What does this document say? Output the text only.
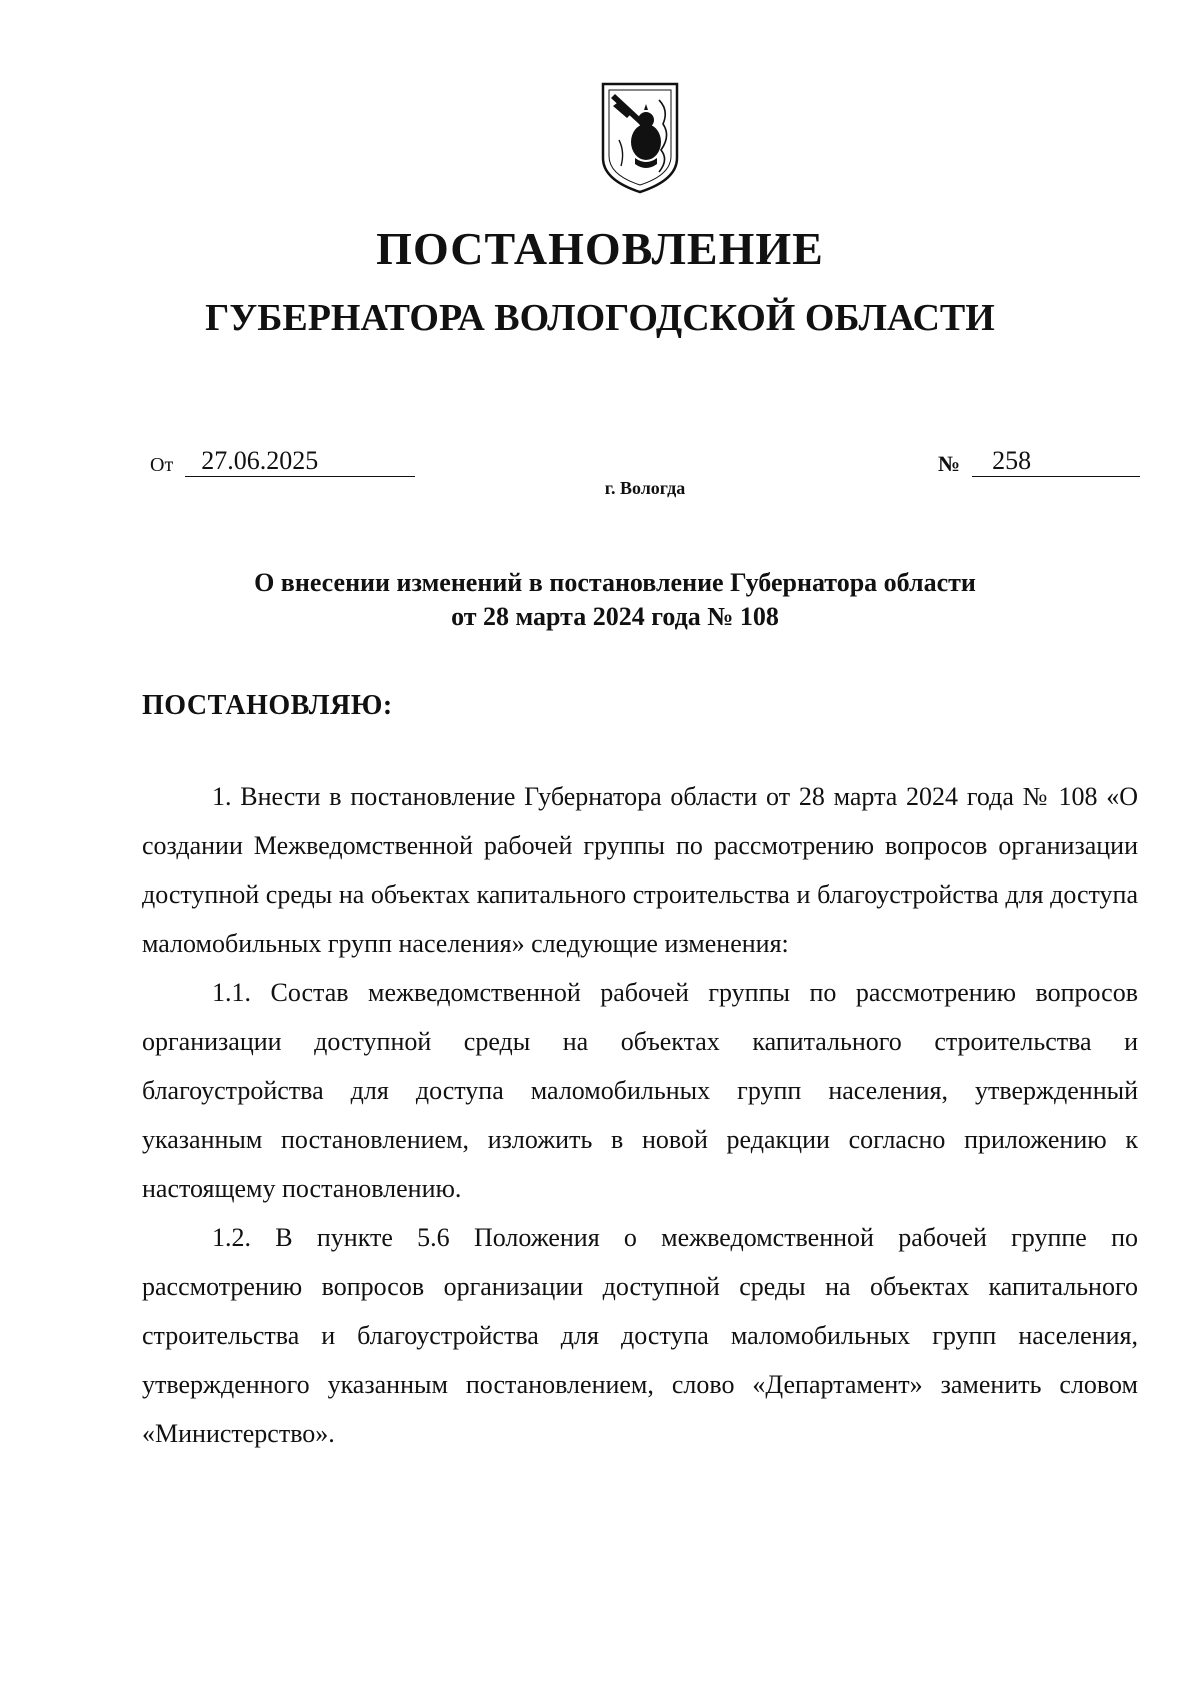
ПОСТАНОВЛЕНИЕ
ГУБЕРНАТОРА ВОЛОГОДСКОЙ ОБЛАСТИ
От	27.06.2025	№	258
г. Вологда
О внесении изменений в постановление Губернатора области
от 28 марта 2024 года № 108
ПОСТАНОВЛЯЮ:

1. Внести в постановление Губернатора области от 28 марта 2024 года № 108 «О создании Межведомственной рабочей группы по рассмотрению вопросов организации доступной среды на объектах капитального строительства и благоустройства для доступа маломобильных групп населения» следующие изменения:

1.1. Состав межведомственной рабочей группы по рассмотрению вопросов организации доступной среды на объектах капитального строительства и благоустройства для доступа маломобильных групп населения, утвержденный указанным постановлением, изложить в новой редакции согласно приложению к настоящему постановлению.

1.2. В пункте 5.6 Положения о межведомственной рабочей группе по рассмотрению вопросов организации доступной среды на объектах капитального строительства и благоустройства для доступа маломобильных групп населения, утвержденного указанным постановлением, слово «Департамент» заменить словом «Министерство».
